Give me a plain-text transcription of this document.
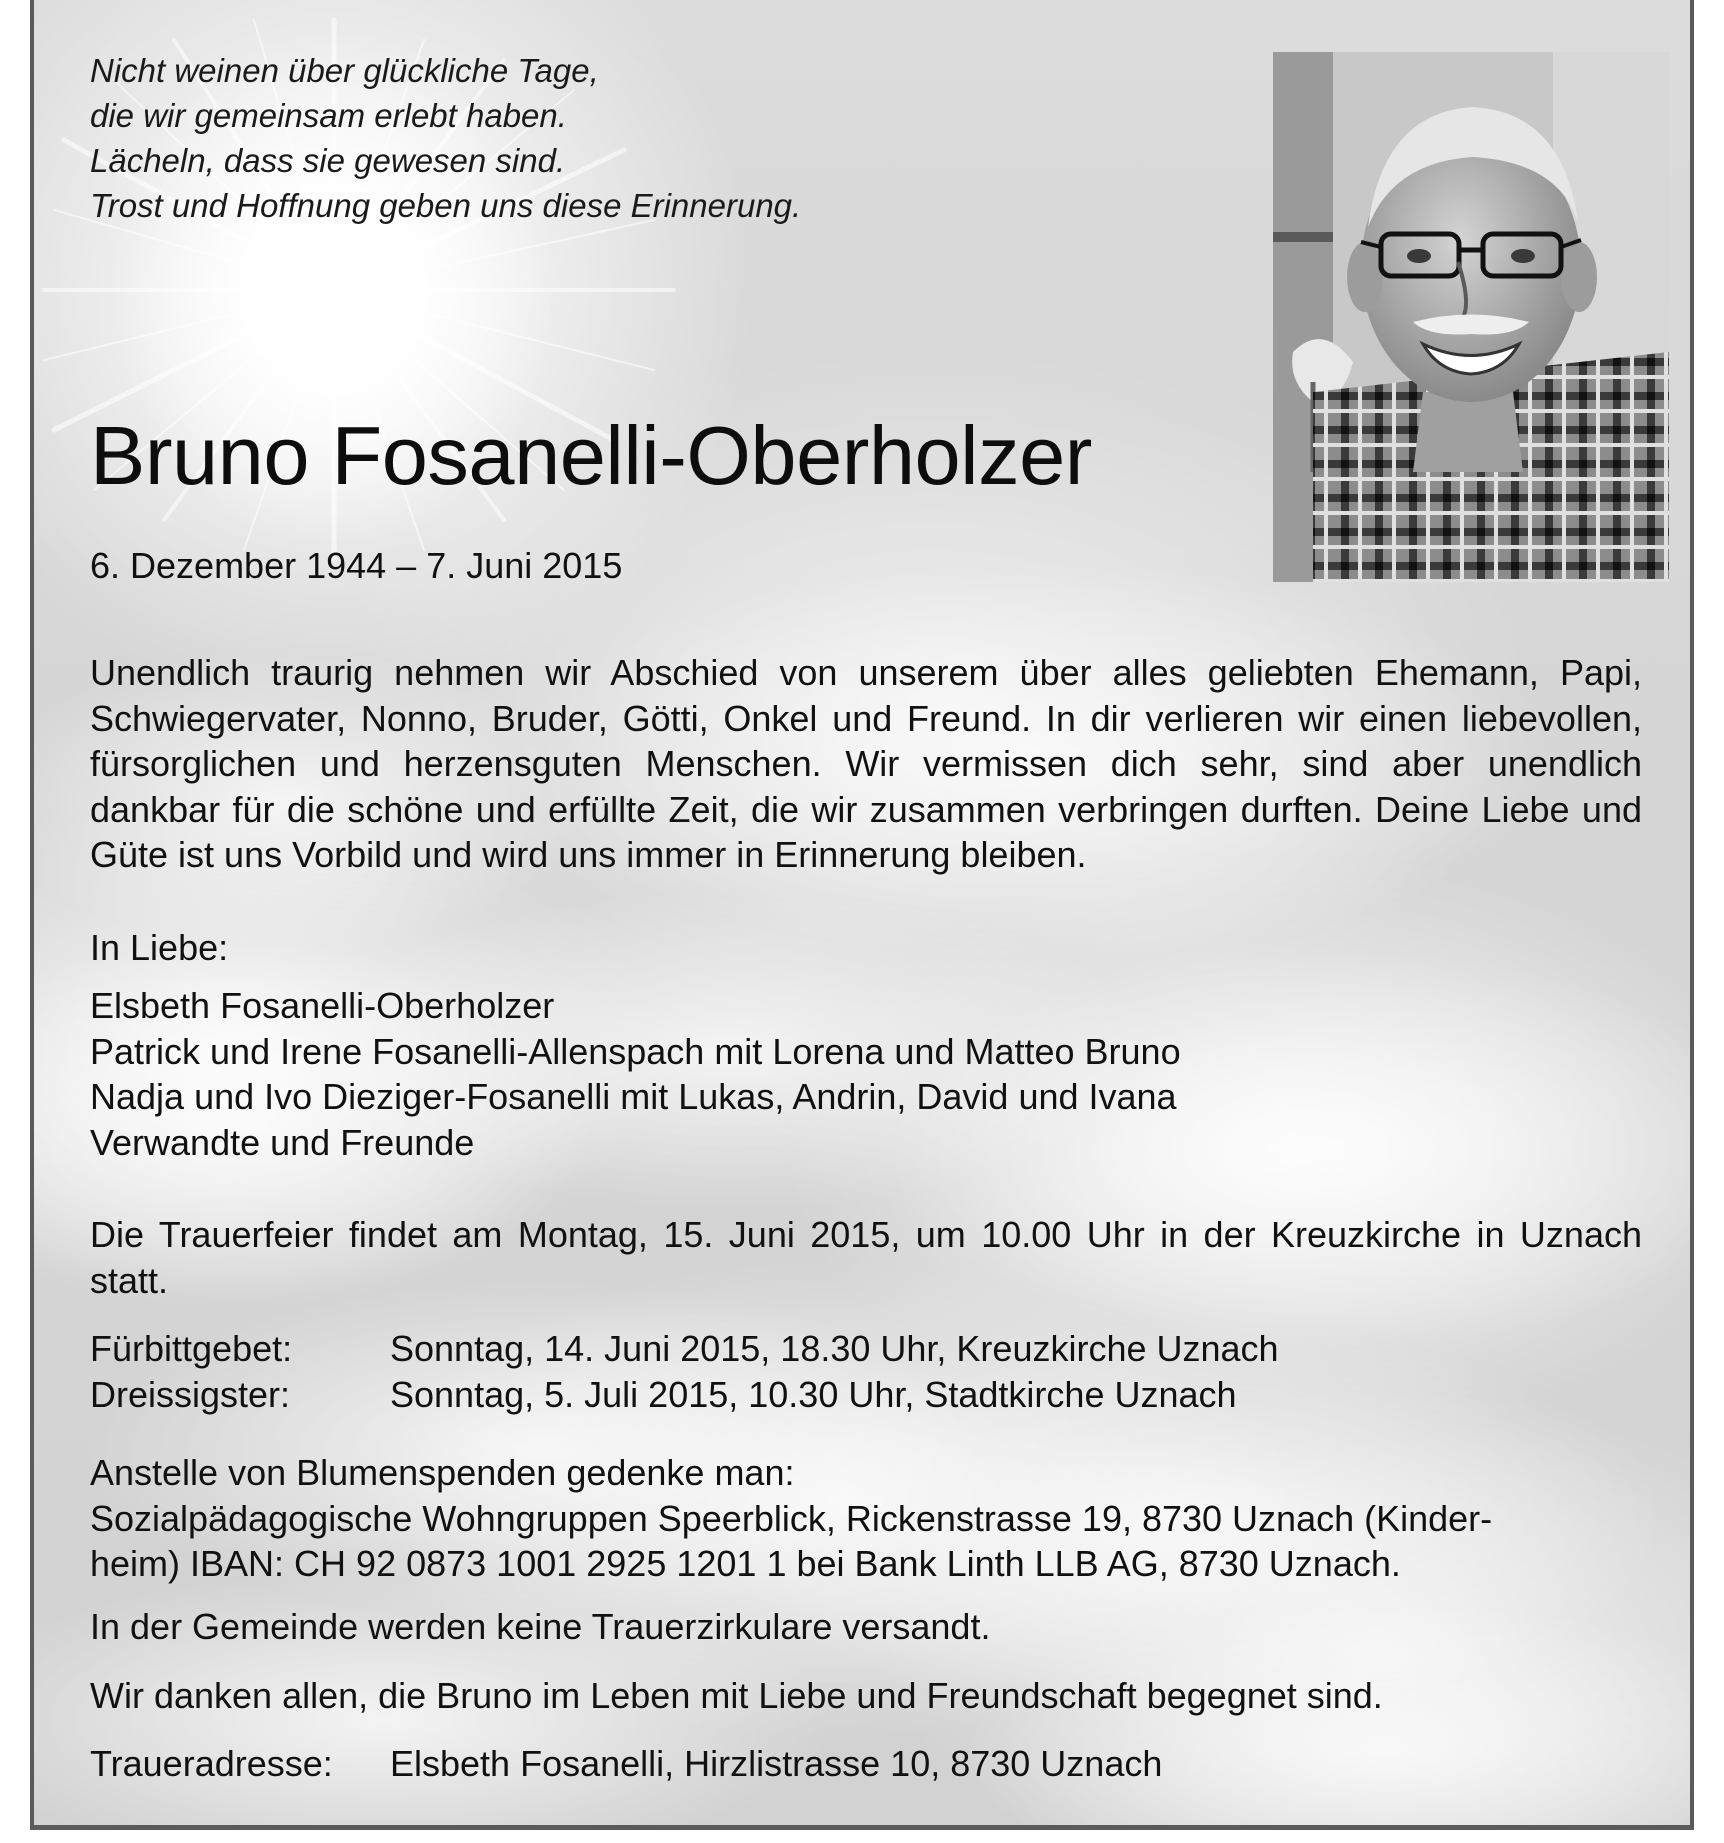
Nicht weinen über glückliche Tage,
die wir gemeinsam erlebt haben.
Lächeln, dass sie gewesen sind.
Trost und Hoffnung geben uns diese Erinnerung.
Bruno Fosanelli-Oberholzer
6. Dezember 1944 – 7. Juni 2015

Unendlich traurig nehmen wir Abschied von unserem über alles geliebten Ehemann, Papi, Schwiegervater, Nonno, Bruder, Götti, Onkel und Freund. In dir verlieren wir einen liebevollen, fürsorglichen und herzensguten Menschen. Wir vermissen dich sehr, sind aber unendlich dankbar für die schöne und erfüllte Zeit, die wir zusammen verbringen durften. Deine Liebe und Güte ist uns Vorbild und wird uns immer in Erinnerung bleiben.

In Liebe:
Elsbeth Fosanelli-Oberholzer
Patrick und Irene Fosanelli-Allenspach mit Lorena und Matteo Bruno
Nadja und Ivo Dieziger-Fosanelli mit Lukas, Andrin, David und Ivana
Verwandte und Freunde

Die Trauerfeier findet am Montag, 15. Juni 2015, um 10.00 Uhr in der Kreuzkirche in Uznach statt.

Fürbittgebet:	Sonntag, 14. Juni 2015, 18.30 Uhr, Kreuzkirche Uznach
Dreissigster:	Sonntag, 5. Juli 2015, 10.30 Uhr, Stadtkirche Uznach
Anstelle von Blumenspenden gedenke man:
Sozialpädagogische Wohngruppen Speerblick, Rickenstrasse 19, 8730 Uznach (Kinder-
heim) IBAN: CH 92 0873 1001 2925 1201 1 bei Bank Linth LLB AG, 8730 Uznach.
In der Gemeinde werden keine Trauerzirkulare versandt.
Wir danken allen, die Bruno im Leben mit Liebe und Freundschaft begegnet sind.
Traueradresse: Elsbeth Fosanelli, Hirzlistrasse 10, 8730 Uznach
